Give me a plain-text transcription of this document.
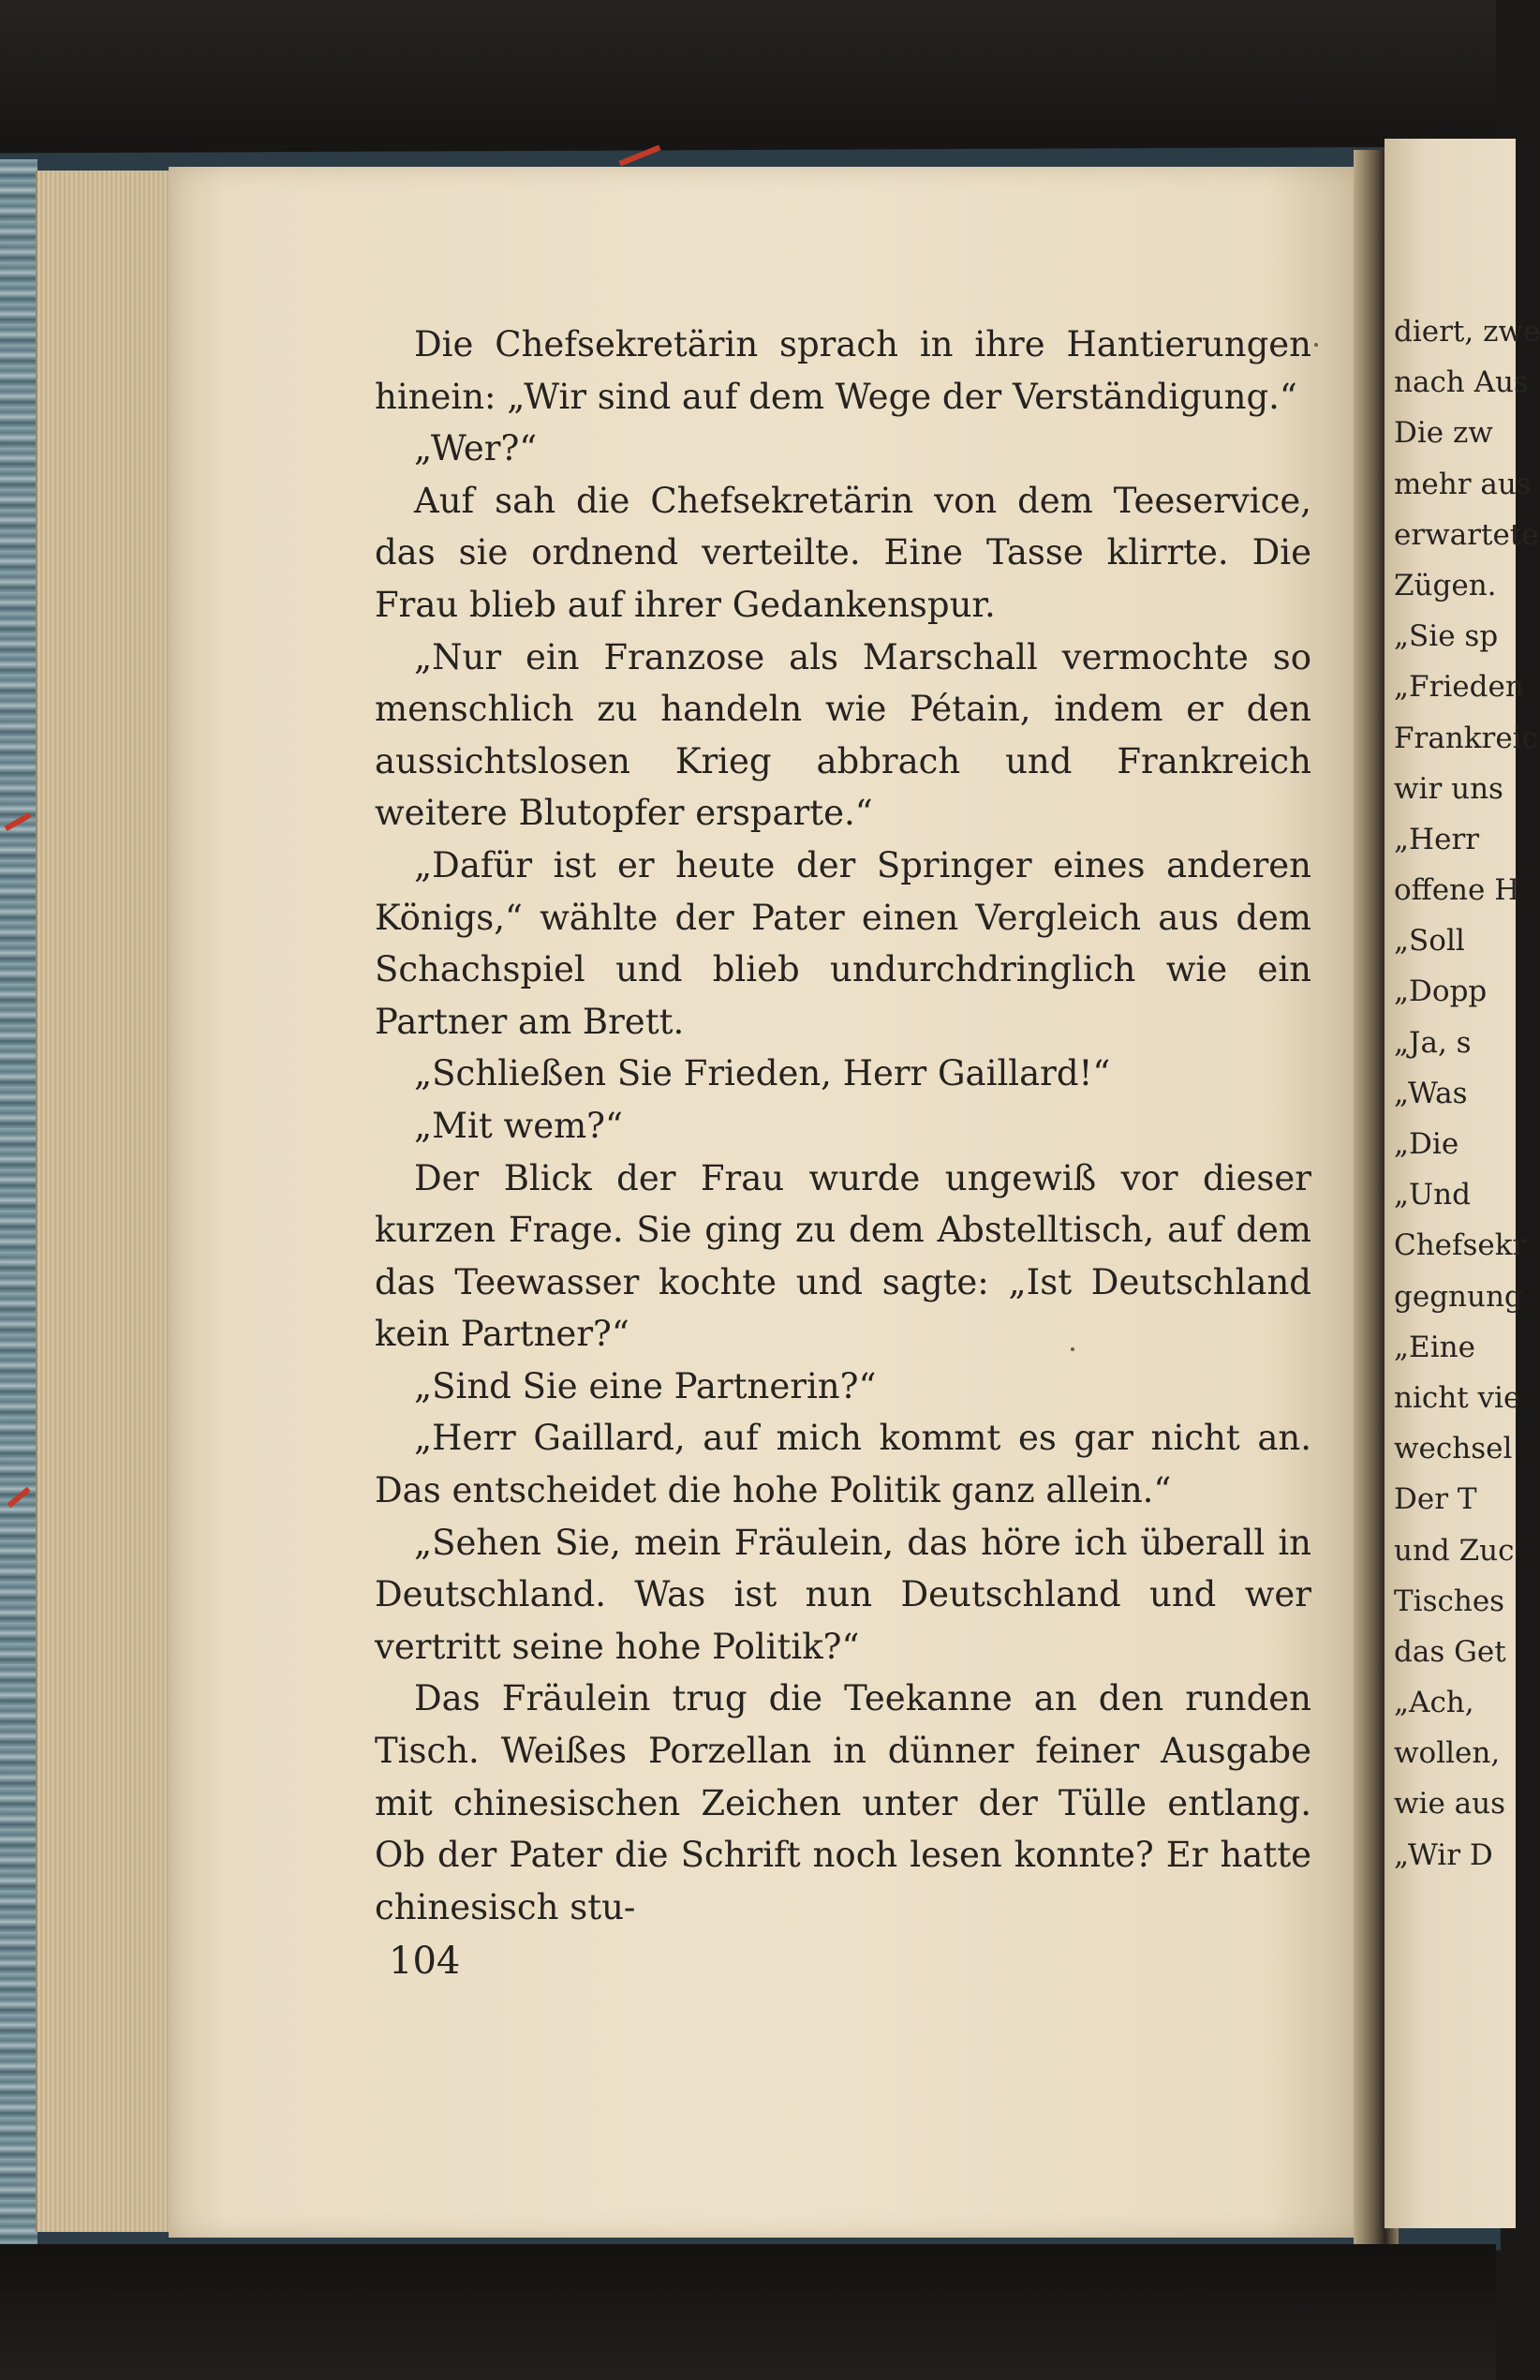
Die Chefsekretärin sprach in ihre Hantierungen hinein: „Wir sind auf dem Wege der Verständigung.“

„Wer?“

Auf sah die Chefsekretärin von dem Teeservice, das sie ordnend verteilte. Eine Tasse klirrte. Die Frau blieb auf ihrer Gedankenspur.

„Nur ein Franzose als Marschall vermochte so menschlich zu handeln wie Pétain, indem er den aussichtslosen Krieg abbrach und Frankreich weitere Blutopfer ersparte.“

„Dafür ist er heute der Springer eines anderen Königs,“ wählte der Pater einen Vergleich aus dem Schachspiel und blieb undurchdringlich wie ein Partner am Brett.

„Schließen Sie Frieden, Herr Gaillard!“

„Mit wem?“

Der Blick der Frau wurde ungewiß vor dieser kurzen Frage. Sie ging zu dem Abstelltisch, auf dem das Teewasser kochte und sagte: „Ist Deutschland kein Partner?“

„Sind Sie eine Partnerin?“

„Herr Gaillard, auf mich kommt es gar nicht an. Das entscheidet die hohe Politik ganz allein.“

„Sehen Sie, mein Fräulein, das höre ich überall in Deutschland. Was ist nun Deutschland und wer vertritt seine hohe Politik?“

Das Fräulein trug die Teekanne an den runden Tisch. Weißes Porzellan in dünner feiner Ausgabe mit chinesischen Zeichen unter der Tülle entlang. Ob der Pater die Schrift noch lesen konnte? Er hatte chinesisch stu-

104
diert, zwe
nach Aus
Die zw
mehr aus
erwartete
Zügen.
„Sie sp
„Frieden
Frankreic
wir uns
„Herr
offene H
„Soll
„Dopp
„Ja, s
„Was
„Die
„Und
Chefsekr
gegnung
„Eine
nicht vie
wechsel
Der T
und Zuc
Tisches
das Get
„Ach,
wollen,
wie aus
„Wir D
